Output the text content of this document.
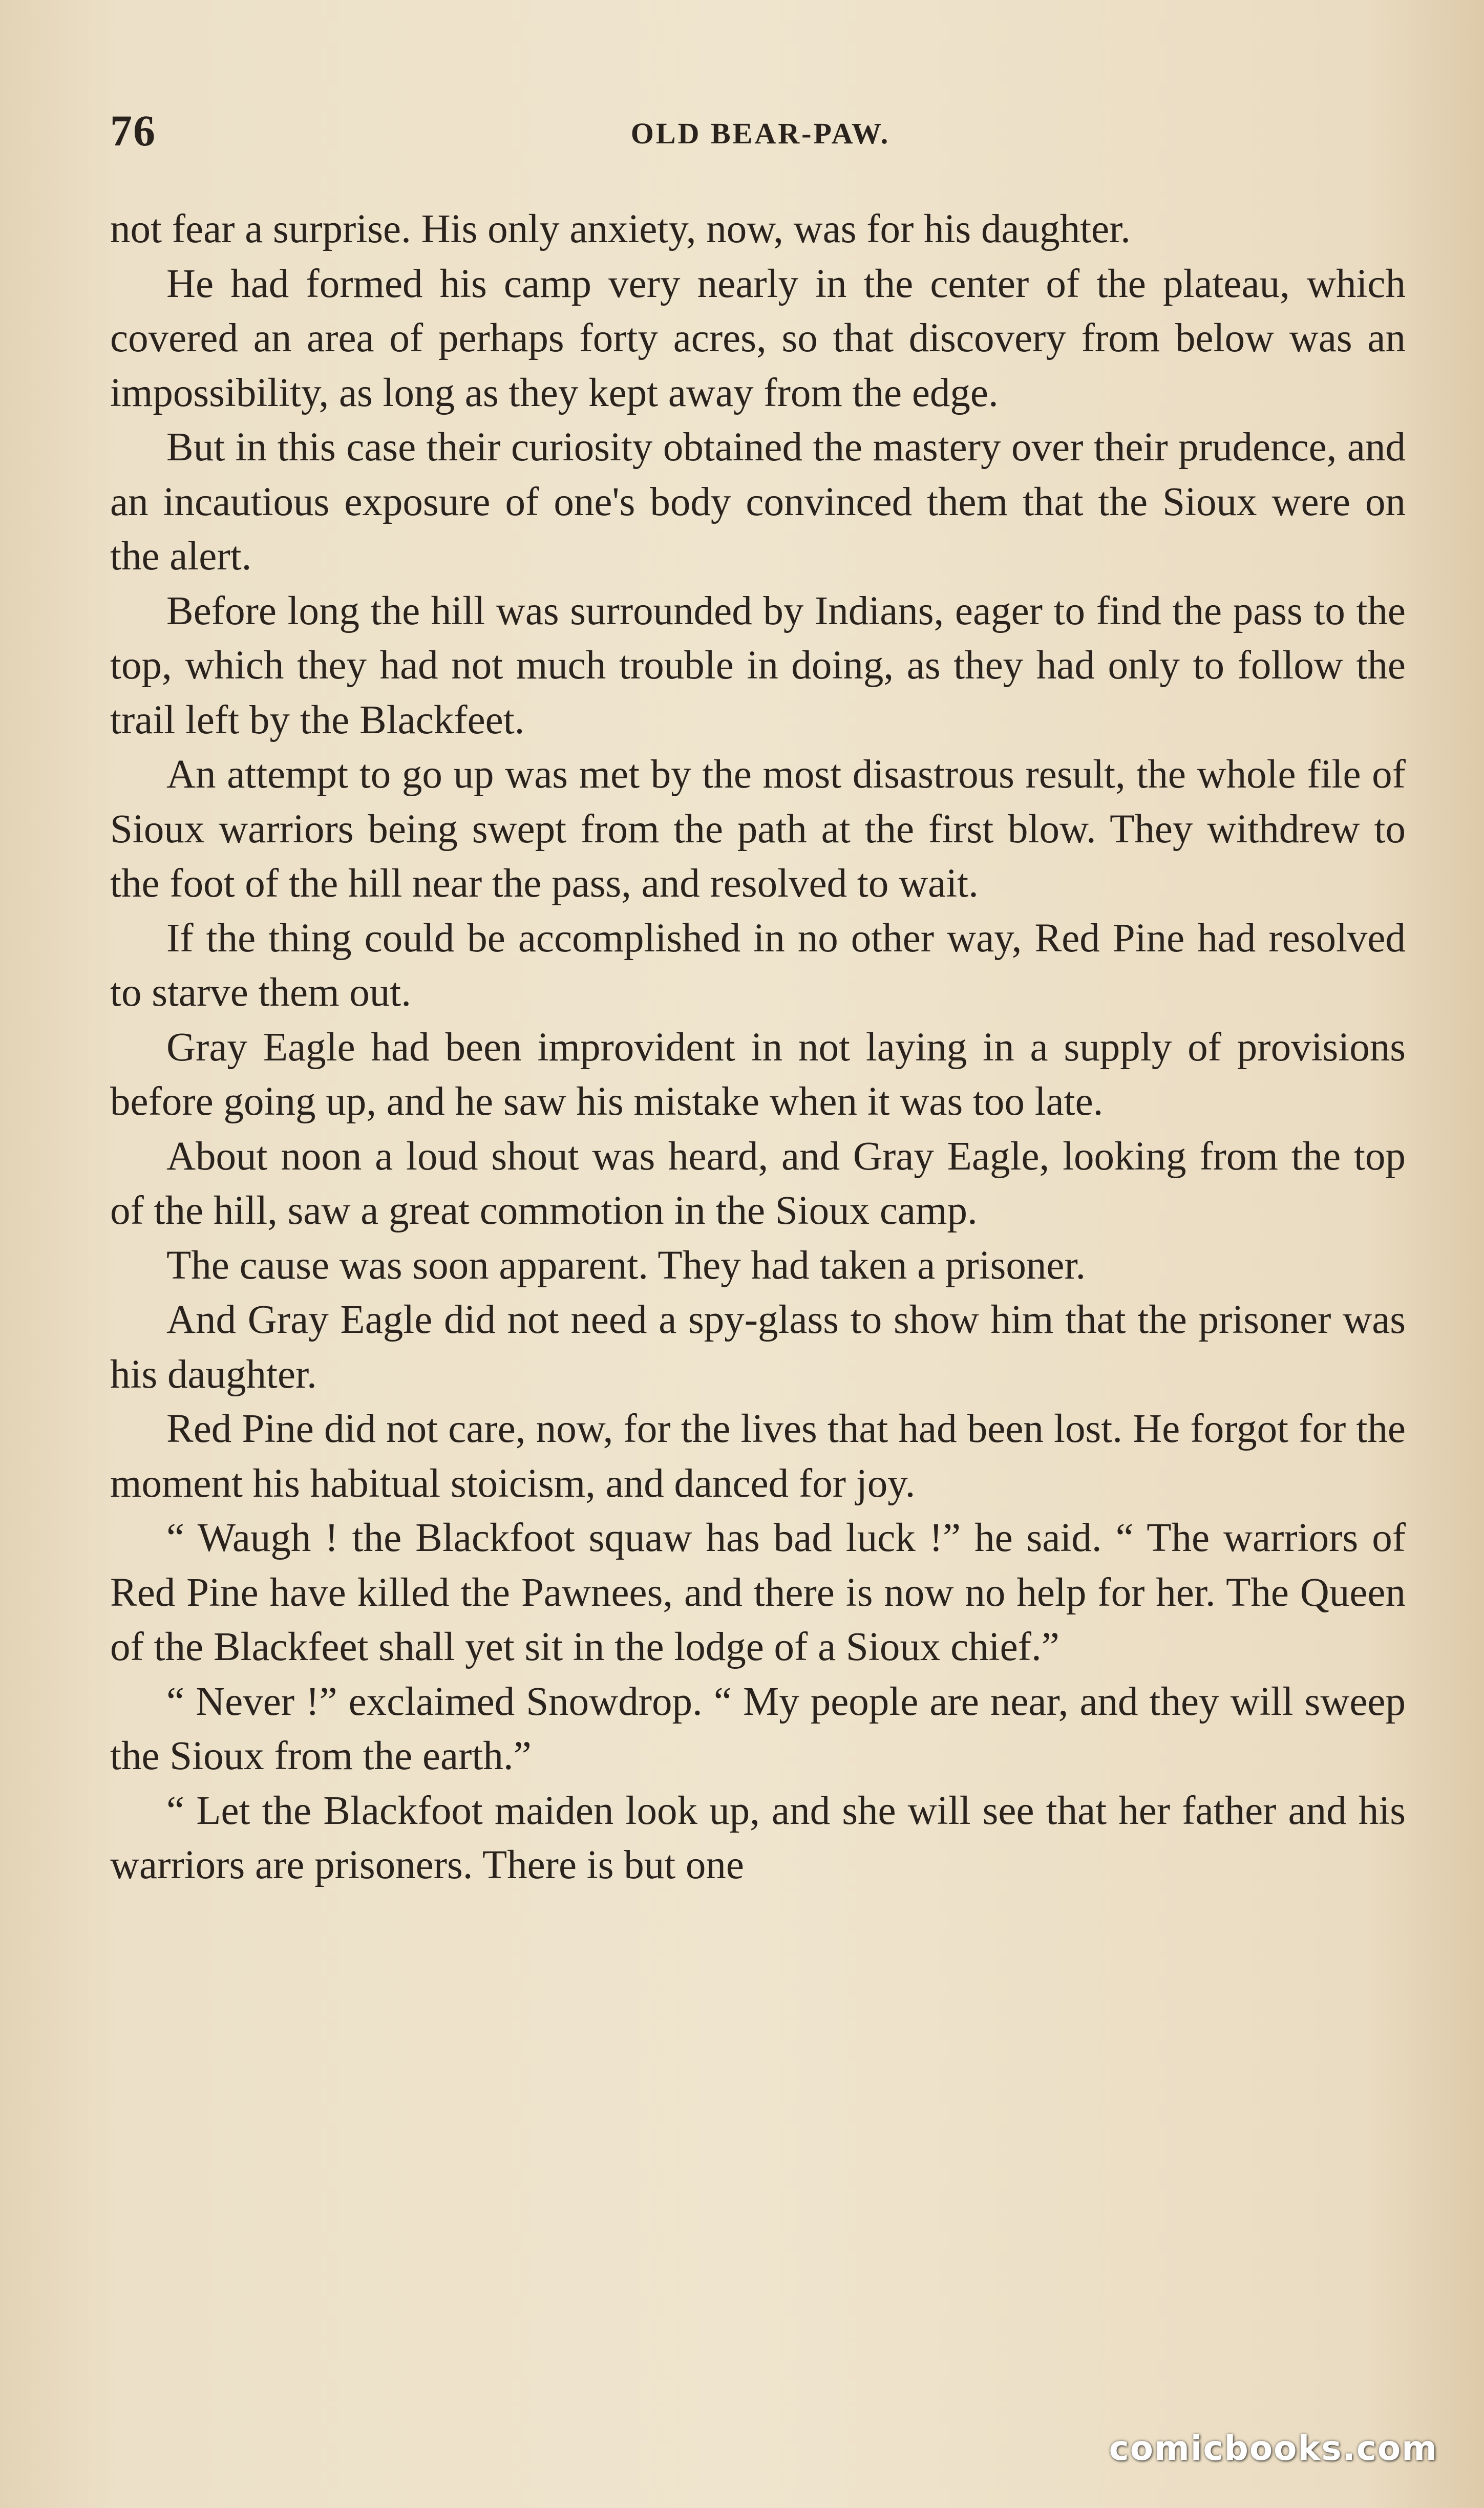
76	OLD BEAR-PAW.

not fear a surprise. His only anxiety, now, was for his daughter.

He had formed his camp very nearly in the center of the plateau, which covered an area of perhaps forty acres, so that discovery from below was an impossibility, as long as they kept away from the edge.

But in this case their curiosity obtained the mastery over their prudence, and an incautious exposure of one's body convinced them that the Sioux were on the alert.

Before long the hill was surrounded by Indians, eager to find the pass to the top, which they had not much trouble in doing, as they had only to follow the trail left by the Blackfeet.

An attempt to go up was met by the most disastrous result, the whole file of Sioux warriors being swept from the path at the first blow. They withdrew to the foot of the hill near the pass, and resolved to wait.

If the thing could be accomplished in no other way, Red Pine had resolved to starve them out.

Gray Eagle had been improvident in not laying in a supply of provisions before going up, and he saw his mistake when it was too late.

About noon a loud shout was heard, and Gray Eagle, looking from the top of the hill, saw a great commotion in the Sioux camp.

The cause was soon apparent. They had taken a prisoner.

And Gray Eagle did not need a spy-glass to show him that the prisoner was his daughter.

Red Pine did not care, now, for the lives that had been lost. He forgot for the moment his habitual stoicism, and danced for joy.

“ Waugh ! the Blackfoot squaw has bad luck !” he said. “ The warriors of Red Pine have killed the Pawnees, and there is now no help for her. The Queen of the Blackfeet shall yet sit in the lodge of a Sioux chief.”

“ Never !” exclaimed Snowdrop. “ My people are near, and they will sweep the Sioux from the earth.”

“ Let the Blackfoot maiden look up, and she will see that her father and his warriors are prisoners. There is but one

comicbooks.com
